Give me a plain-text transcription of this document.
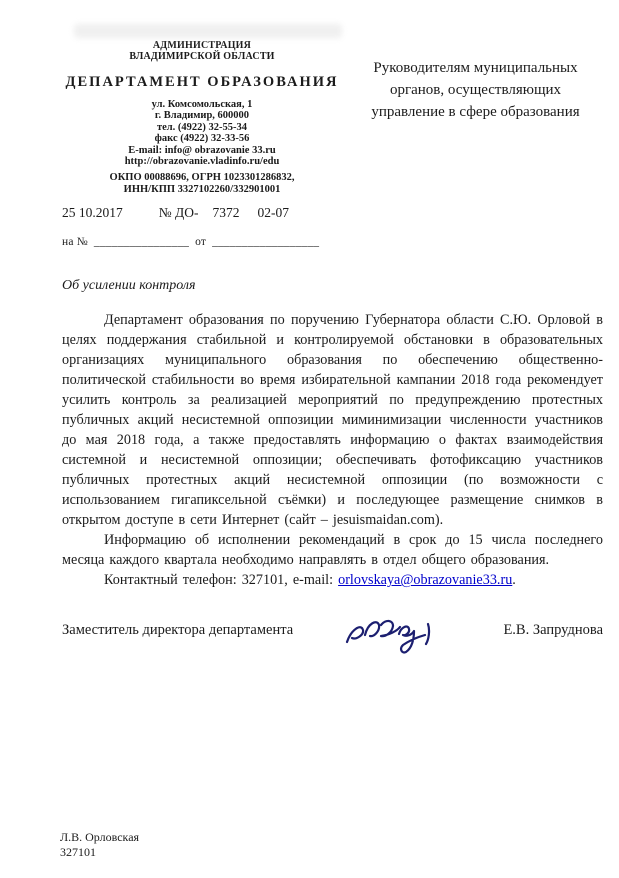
АДМИНИСТРАЦИЯ
ВЛАДИМИРСКОЙ ОБЛАСТИ
ДЕПАРТАМЕНТ ОБРАЗОВАНИЯ
ул. Комсомольская, 1
г. Владимир, 600000
тел. (4922) 32-55-34
факс (4922) 32-33-56
E-mail: info@ obrazovanie 33.ru
http://obrazovanie.vladinfo.ru/edu
ОКПО 00088696, ОГРН 1023301286832,
ИНН/КПП 3327102260/332901001
Руководителям муниципальных
органов, осуществляющих
управление в сфере образования
25 10.2017	№ ДО- 7372 02-07
на № ________________ от __________________
Об усилении контроля

Департамент образования по поручению Губернатора области С.Ю. Орловой в целях поддержания стабильной и контролируемой обстановки в образовательных организациях муниципального образования по обеспечению общественно-политической стабильности во время избирательной кампании 2018 года рекомендует усилить контроль за реализацией мероприятий по предупреждению протестных публичных акций несистемной оппозиции миминимизации численности участников до мая 2018 года, а также предоставлять информацию о фактах взаимодействия системной и несистемной оппозиции; обеспечивать фотофиксацию участников публичных протестных акций несистемной оппозиции (по возможности с использованием гигапиксельной съёмки) и последующее размещение снимков в открытом доступе в сети Интернет (сайт – jesuismaidan.com).

Информацию об исполнении рекомендаций в срок до 15 числа последнего месяца каждого квартала необходимо направлять в отдел общего образования.

Контактный телефон: 327101, e-mail: orlovskaya@obrazovanie33.ru.

Заместитель директора департамента	Е.В. Запруднова
Л.В. Орловская
327101
